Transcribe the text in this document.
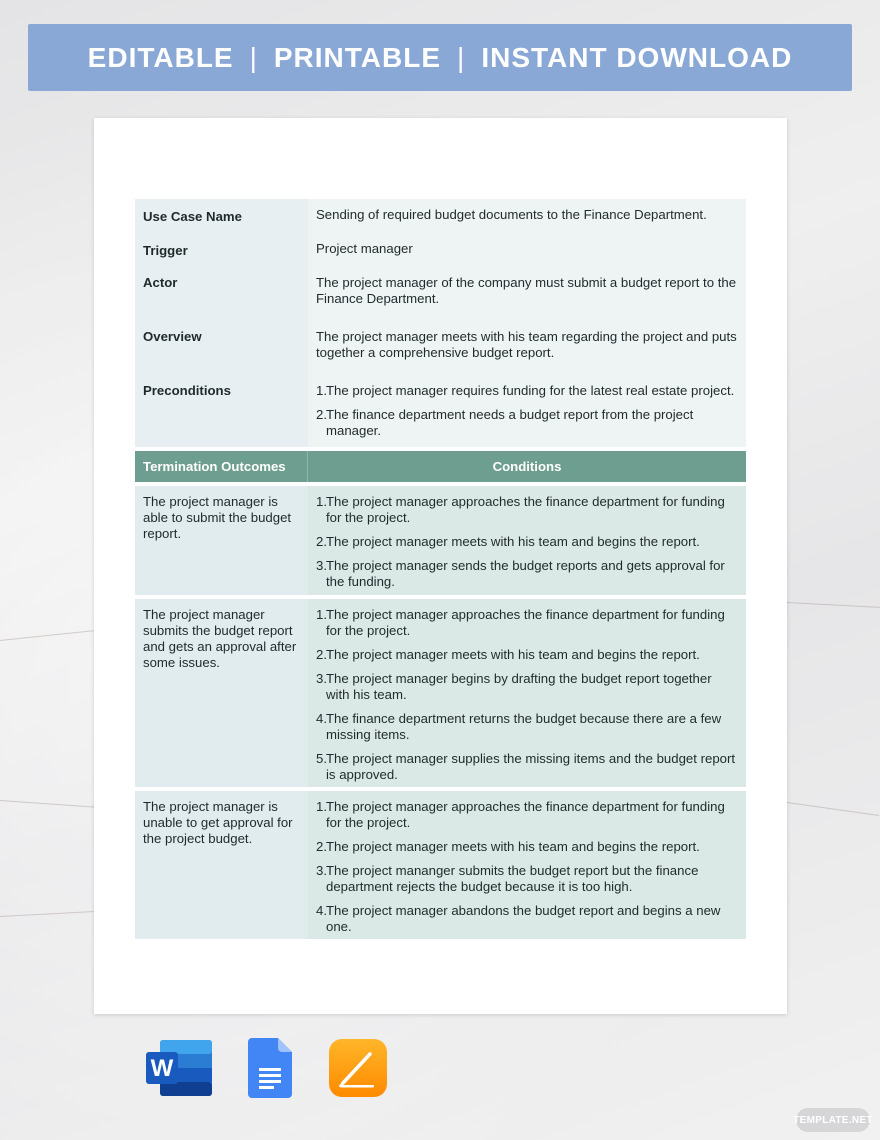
EDITABLE | PRINTABLE | INSTANT DOWNLOAD
Use Case Name	Sending of required budget documents to the Finance Department.
Trigger	Project manager
Actor	The project manager of the company must submit a budget report to the Finance Department.
Overview	The project manager meets with his team regarding the project and puts together a comprehensive budget report.
Preconditions	1. The project manager requires funding for the latest real estate project.
2. The finance department needs a budget report from the project manager.
Termination Outcomes	Conditions
The project manager is able to submit the budget report.
1. The project manager approaches the finance department for funding for the project.
2. The project manager meets with his team and begins the report.
3. The project manager sends the budget reports and gets approval for the funding.
The project manager submits the budget report and gets an approval after some issues.
1. The project manager approaches the finance department for funding for the project.
2. The project manager meets with his team and begins the report.
3. The project manager begins by drafting the budget report together with his team.
4. The finance department returns the budget because there are a few missing items.
5. The project manager supplies the missing items and the budget report is approved.
The project manager is unable to get approval for the project budget.
1. The project manager approaches the finance department for funding for the project.
2. The project manager meets with his team and begins the report.
3. The project mananger submits the budget report but the finance department rejects the budget because it is too high.
4. The project manager abandons the budget report and begins a new one.
W
TEMPLATE.NET
